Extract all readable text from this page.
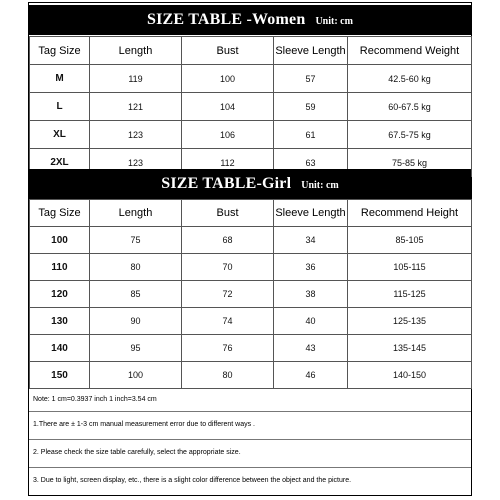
SIZE TABLE -Women Unit: cm
Tag Size	Length	Bust	Sleeve Length	Recommend Weight
M	119	100	57	42.5-60 kg
L	121	104	59	60-67.5 kg
XL	123	106	61	67.5-75 kg
2XL	123	112	63	75-85 kg
SIZE TABLE-Girl Unit: cm
Tag Size	Length	Bust	Sleeve Length	Recommend Height
100	75	68	34	85-105
110	80	70	36	105-115
120	85	72	38	115-125
130	90	74	40	125-135
140	95	76	43	135-145
150	100	80	46	140-150
Note: 1 cm=0.3937 inch 1 inch=3.54 cm
1.There are ± 1-3 cm manual measurement error due to different ways .
2. Please check the size table carefully, select the appropriate size.
3. Due to light, screen display, etc., there is a slight color difference between the object and the picture.
